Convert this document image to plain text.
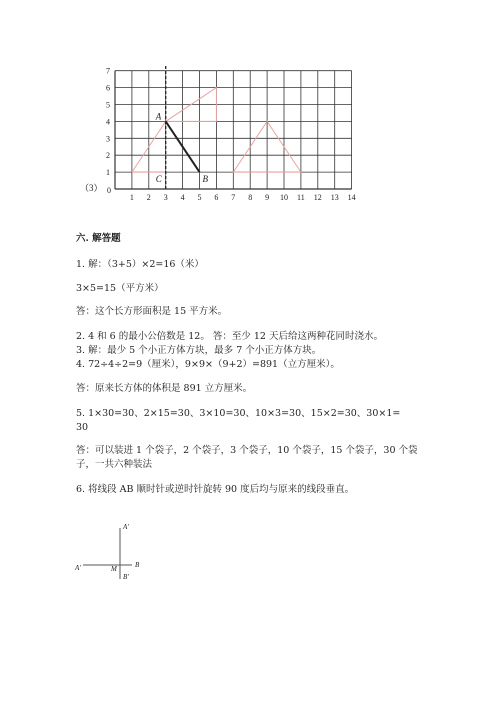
（3） 0
1
2
3
4
5
6
7
1 2 3 4 5 6 7 8 9 10 11 12 13 14
A
B
C
六. 解答题
1. 解：（3+5）×2=16（米）
3×5=15（平方米）
答：这个长方形面积是 15 平方米。
2. 4 和 6 的最小公倍数是 12。 答：至少 12 天后给这两种花同时浇水。
3. 解：最少 5 个小正方体方块，最多 7 个小正方体方块。
4. 72÷4÷2=9（厘米），9×9×（9+2）=891（立方厘米）。
答：原来长方体的体积是 891 立方厘米。
5. 1×30=30、2×15=30、3×10=30、10×3=30、15×2=30、30×1=
30
答：可以装进 1 个袋子，2 个袋子，3 个袋子，10 个袋子，15 个袋子，30 个袋
子，一共六种装法
6. 将线段 AB 顺时针或逆时针旋转 90 度后均与原来的线段垂直。
A'
A'	M	B
B'
